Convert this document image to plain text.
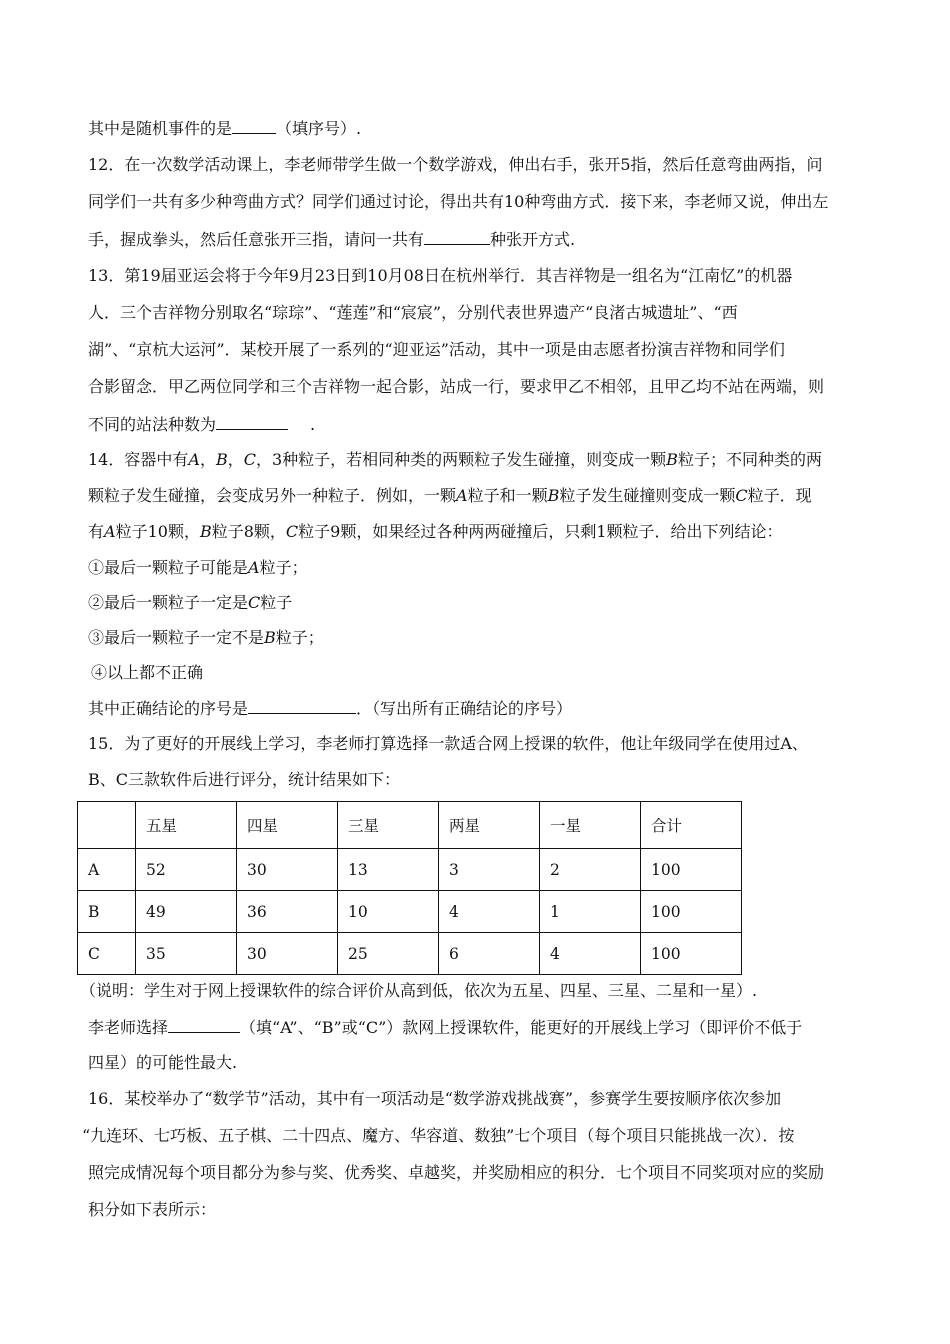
其中是随机事件的是	（填序号）.
12．在一次数学活动课上，李老师带学生做一个数学游戏，伸出右手，张开5指，然后任意弯曲两指，问
同学们一共有多少种弯曲方式？同学们通过讨论，得出共有10种弯曲方式．接下来，李老师又说，伸出左
手，握成拳头，然后任意张开三指，请问一共有	种张开方式.
13．第19届亚运会将于今年9月23日到10月08日在杭州举行．其吉祥物是一组名为“江南忆”的机器
人．三个吉祥物分别取名“琮琮”、“莲莲”和“宸宸”，分别代表世界遗产“良渚古城遗址”、“西
湖”、“京杭大运河”．某校开展了一系列的“迎亚运”活动，其中一项是由志愿者扮演吉祥物和同学们
合影留念．甲乙两位同学和三个吉祥物一起合影，站成一行，要求甲乙不相邻，且甲乙均不站在两端，则
不同的站法种数为	.
14．容器中有A，B，C，3种粒子，若相同种类的两颗粒子发生碰撞，则变成一颗B粒子；不同种类的两
颗粒子发生碰撞，会变成另外一种粒子．例如，一颗A粒子和一颗B粒子发生碰撞则变成一颗C粒子．现
有A粒子10颗，B粒子8颗，C粒子9颗，如果经过各种两两碰撞后，只剩1颗粒子．给出下列结论：
①最后一颗粒子可能是A粒子；
②最后一颗粒子一定是C粒子
③最后一颗粒子一定不是B粒子；
④以上都不正确
其中正确结论的序号是	．（写出所有正确结论的序号）
15．为了更好的开展线上学习，李老师打算选择一款适合网上授课的软件，他让年级同学在使用过A、
B、C三款软件后进行评分，统计结果如下：
	五星	四星	三星	两星	一星	合计
A	52	30	13	3	2	100
B	49	36	10	4	1	100
C	35	30	25	6	4	100
（说明：学生对于网上授课软件的综合评价从高到低，依次为五星、四星、三星、二星和一星）.
李老师选择	（填“A”、“B”或“C”）款网上授课软件，能更好的开展线上学习（即评价不低于
四星）的可能性最大.
16．某校举办了“数学节”活动，其中有一项活动是“数学游戏挑战赛”，参赛学生要按顺序依次参加
“九连环、七巧板、五子棋、二十四点、魔方、华容道、数独”七个项目（每个项目只能挑战一次）．按
照完成情况每个项目都分为参与奖、优秀奖、卓越奖，并奖励相应的积分．七个项目不同奖项对应的奖励
积分如下表所示：
